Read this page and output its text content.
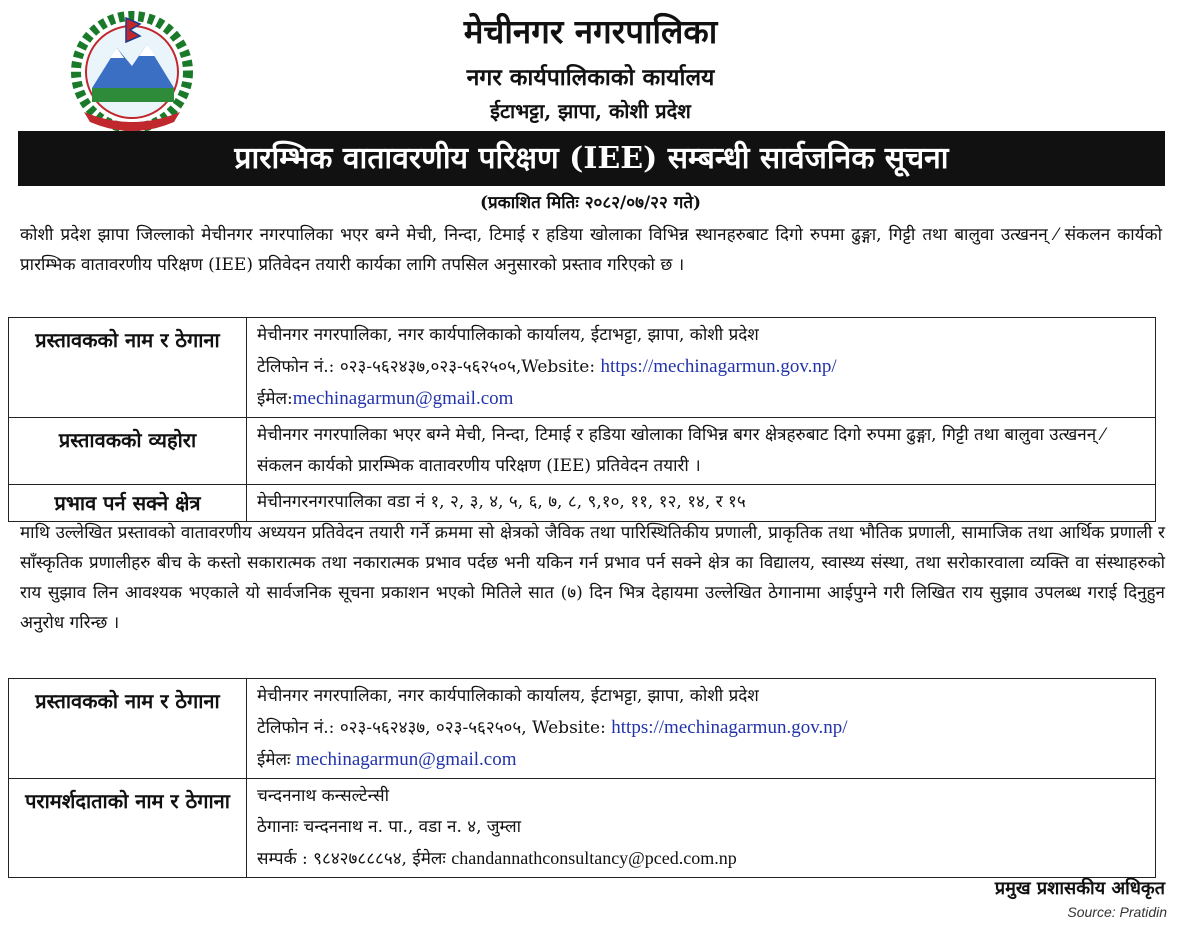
मेचीनगर नगरपालिका
नगर कार्यपालिकाको कार्यालय
ईटाभट्टा, झापा, कोशी प्रदेश
प्रारम्भिक वातावरणीय परिक्षण (IEE) सम्बन्धी सार्वजनिक सूचना
(प्रकाशित मितिः २०८२/०७/२२ गते)
कोशी प्रदेश झापा जिल्लाको मेचीनगर नगरपालिका भएर बग्ने मेची, निन्दा, टिमाई र हडिया खोलाका विभिन्न स्थानहरुबाट दिगो रुपमा ढुङ्गा, गिट्टी तथा बालुवा उत्खनन् ⁄ संकलन कार्यको प्रारम्भिक वातावरणीय परिक्षण (IEE) प्रतिवेदन तयारी कार्यका लागि तपसिल अनुसारको प्रस्ताव गरिएको छ ।
प्रस्तावकको नाम र ठेगाना	मेचीनगर नगरपालिका, नगर कार्यपालिकाको कार्यालय, ईटाभट्टा, झापा, कोशी प्रदेश
टेलिफोन नं.: ०२३-५६२४३७,०२३-५६२५०५,Website: https://mechinagarmun.gov.np/
ईमेल:mechinagarmun@gmail.com

प्रस्तावकको व्यहोरा	मेचीनगर नगरपालिका भएर बग्ने मेची, निन्दा, टिमाई र हडिया खोलाका विभिन्न बगर क्षेत्रहरुबाट दिगो रुपमा ढुङ्गा, गिट्टी तथा बालुवा उत्खनन् ⁄ संकलन कार्यको प्रारम्भिक वातावरणीय परिक्षण (IEE) प्रतिवेदन तयारी ।
प्रभाव पर्न सक्ने क्षेत्र	मेचीनगरनगरपालिका वडा नं १, २, ३, ४, ५, ६, ७, ८, ९,१०, ११, १२, १४, र १५
माथि उल्लेखित प्रस्तावको वातावरणीय अध्ययन प्रतिवेदन तयारी गर्ने क्रममा सो क्षेत्रको जैविक तथा पारिस्थितिकीय प्रणाली, प्राकृतिक तथा भौतिक प्रणाली, सामाजिक तथा आर्थिक प्रणाली र साँस्कृतिक प्रणालीहरु बीच के कस्तो सकारात्मक तथा नकारात्मक प्रभाव पर्दछ भनी यकिन गर्न प्रभाव पर्न सक्ने क्षेत्र का विद्यालय, स्वास्थ्य संस्था, तथा सरोकारवाला व्यक्ति वा संस्थाहरुको राय सुझाव लिन आवश्यक भएकाले यो सार्वजनिक सूचना प्रकाशन भएको मितिले सात (७) दिन भित्र देहायमा उल्लेखित ठेगानामा आईपुग्ने गरी लिखित राय सुझाव उपलब्ध गराई दिनुहुन अनुरोध गरिन्छ ।
प्रस्तावकको नाम र ठेगाना	मेचीनगर नगरपालिका, नगर कार्यपालिकाको कार्यालय, ईटाभट्टा, झापा, कोशी प्रदेश
टेलिफोन नं.: ०२३-५६२४३७, ०२३-५६२५०५, Website: https://mechinagarmun.gov.np/
ईमेलः mechinagarmun@gmail.com

परामर्शदाताको नाम र ठेगाना	चन्दननाथ कन्सल्टेन्सी
ठेगानाः चन्दननाथ न. पा., वडा न. ४, जुम्ला
सम्पर्क : ९८४२७८८८५४, ईमेलः chandannathconsultancy@pced.com.np
प्रमुख प्रशासकीय अधिकृत
Source: Pratidin
